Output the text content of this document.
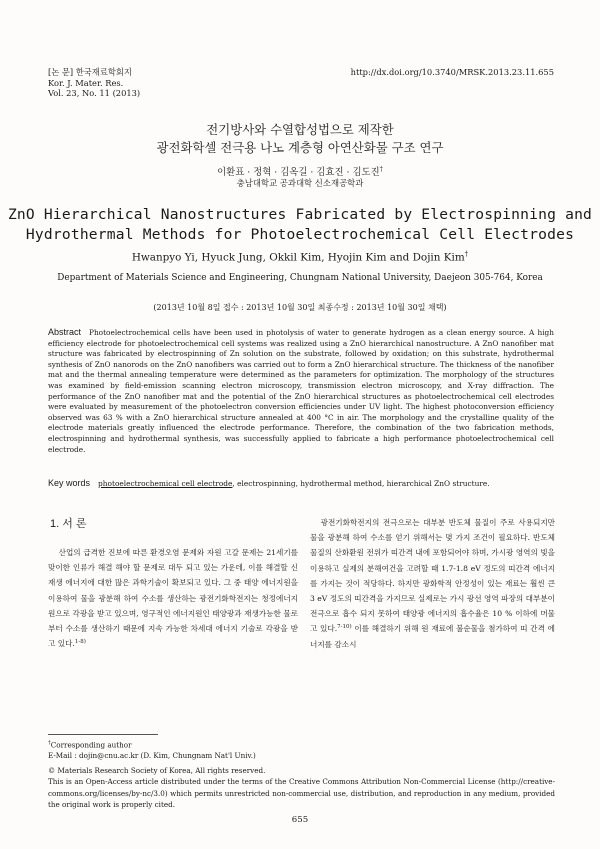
[논 문] 한국재료학회지
Kor. J. Mater. Res.
Vol. 23, No. 11 (2013)
http://dx.doi.org/10.3740/MRSK.2013.23.11.655
전기방사와 수열합성법으로 제작한
광전화학셀 전극용 나노 계층형 아연산화물 구조 연구
이환표 · 정혁 · 김옥길 · 김효진 · 김도진†
충남대학교 공과대학 신소재공학과
ZnO Hierarchical Nanostructures Fabricated by Electrospinning and
Hydrothermal Methods for Photoelectrochemical Cell Electrodes
Hwanpyo Yi, Hyuck Jung, Okkil Kim, Hyojin Kim and Dojin Kim†
Department of Materials Science and Engineering, Chungnam National University, Daejeon 305-764, Korea
(2013년 10월 8일 접수 : 2013년 10월 30일 최종수정 : 2013년 10월 30일 채택)
Abstract Photoelectrochemical cells have been used in photolysis of water to generate hydrogen as a clean energy source. A high efficiency electrode for photoelectrochemical cell systems was realized using a ZnO hierarchical nanostructure. A ZnO nanofiber mat structure was fabricated by electrospinning of Zn solution on the substrate, followed by oxidation; on this substrate, hydrothermal synthesis of ZnO nanorods on the ZnO nanofibers was carried out to form a ZnO hierarchical structure. The thickness of the nanofiber mat and the thermal annealing temperature were determined as the parameters for optimization. The morphology of the structures was examined by field-emission scanning electron microscopy, transmission electron microscopy, and X-ray diffraction. The performance of the ZnO nanofiber mat and the potential of the ZnO hierarchical structures as photoelectrochemical cell electrodes were evaluated by measurement of the photoelectron conversion efficiencies under UV light. The highest photoconversion efficiency observed was 63 % with a ZnO hierarchical structure annealed at 400 °C in air. The morphology and the crystalline quality of the electrode materials greatly influenced the electrode performance. Therefore, the combination of the two fabrication methods, electrospinning and hydrothermal synthesis, was successfully applied to fabricate a high performance photoelectrochemical cell electrode.
Key words photoelectrochemical cell electrode, electrospinning, hydrothermal method, hierarchical ZnO structure.
1. 서 론

산업의 급격한 진보에 따른 환경오염 문제와 자원 고갈 문제는 21세기를 맞이한 인류가 해결 해야 할 문제로 대두 되고 있는 가운데, 이를 해결할 신 재생 에너지에 대한 많은 과학기술이 확보되고 있다. 그 중 태양 에너지원을 이용하여 물을 광분해 하여 수소를 생산하는 광전기화학전지는 청정에너지원으로 각광을 받고 있으며, 영구적인 에너지원인 태양광과 재생가능한 물로부터 수소를 생산하기 때문에 지속 가능한 차세대 에너지 기술로 각광을 받고 있다.$^{1-8)}$

광전기화학전지의 전극으로는 대부분 반도체 물질이 주로 사용되지만 물을 광분해 하여 수소를 얻기 위해서는 몇 가지 조건이 필요하다. 반도체물질의 산화환원 전위가 띠간격 내에 포함되어야 하며, 가시광 영역의 빛을 이용하고 실제의 분해여건을 고려할 때 1.7-1.8 eV 정도의 띠간격 에너지를 가지는 것이 적당하다. 하지만 광화학적 안정성이 있는 재료는 훨씬 큰 3 eV 정도의 띠간격을 가지므로 실제로는 가시 광선 영역 파장의 대부분이 전극으로 흡수 되지 못하여 태양광 에너지의 흡수율은 10 % 이하에 머물고 있다.$^{7-10)}$ 이를 해결하기 위해 원 재료에 불순물을 첨가하여 띠 간격 에너지를 감소시

†Corresponding author
E-Mail : dojin@cnu.ac.kr (D. Kim, Chungnam Nat'l Univ.)
© Materials Research Society of Korea, All rights reserved.
This is an Open-Access article distributed under the terms of the Creative Commons Attribution Non-Commercial License (http://creative-commons.org/licenses/by-nc/3.0) which permits unrestricted non-commercial use, distribution, and reproduction in any medium, provided the original work is properly cited.
655
